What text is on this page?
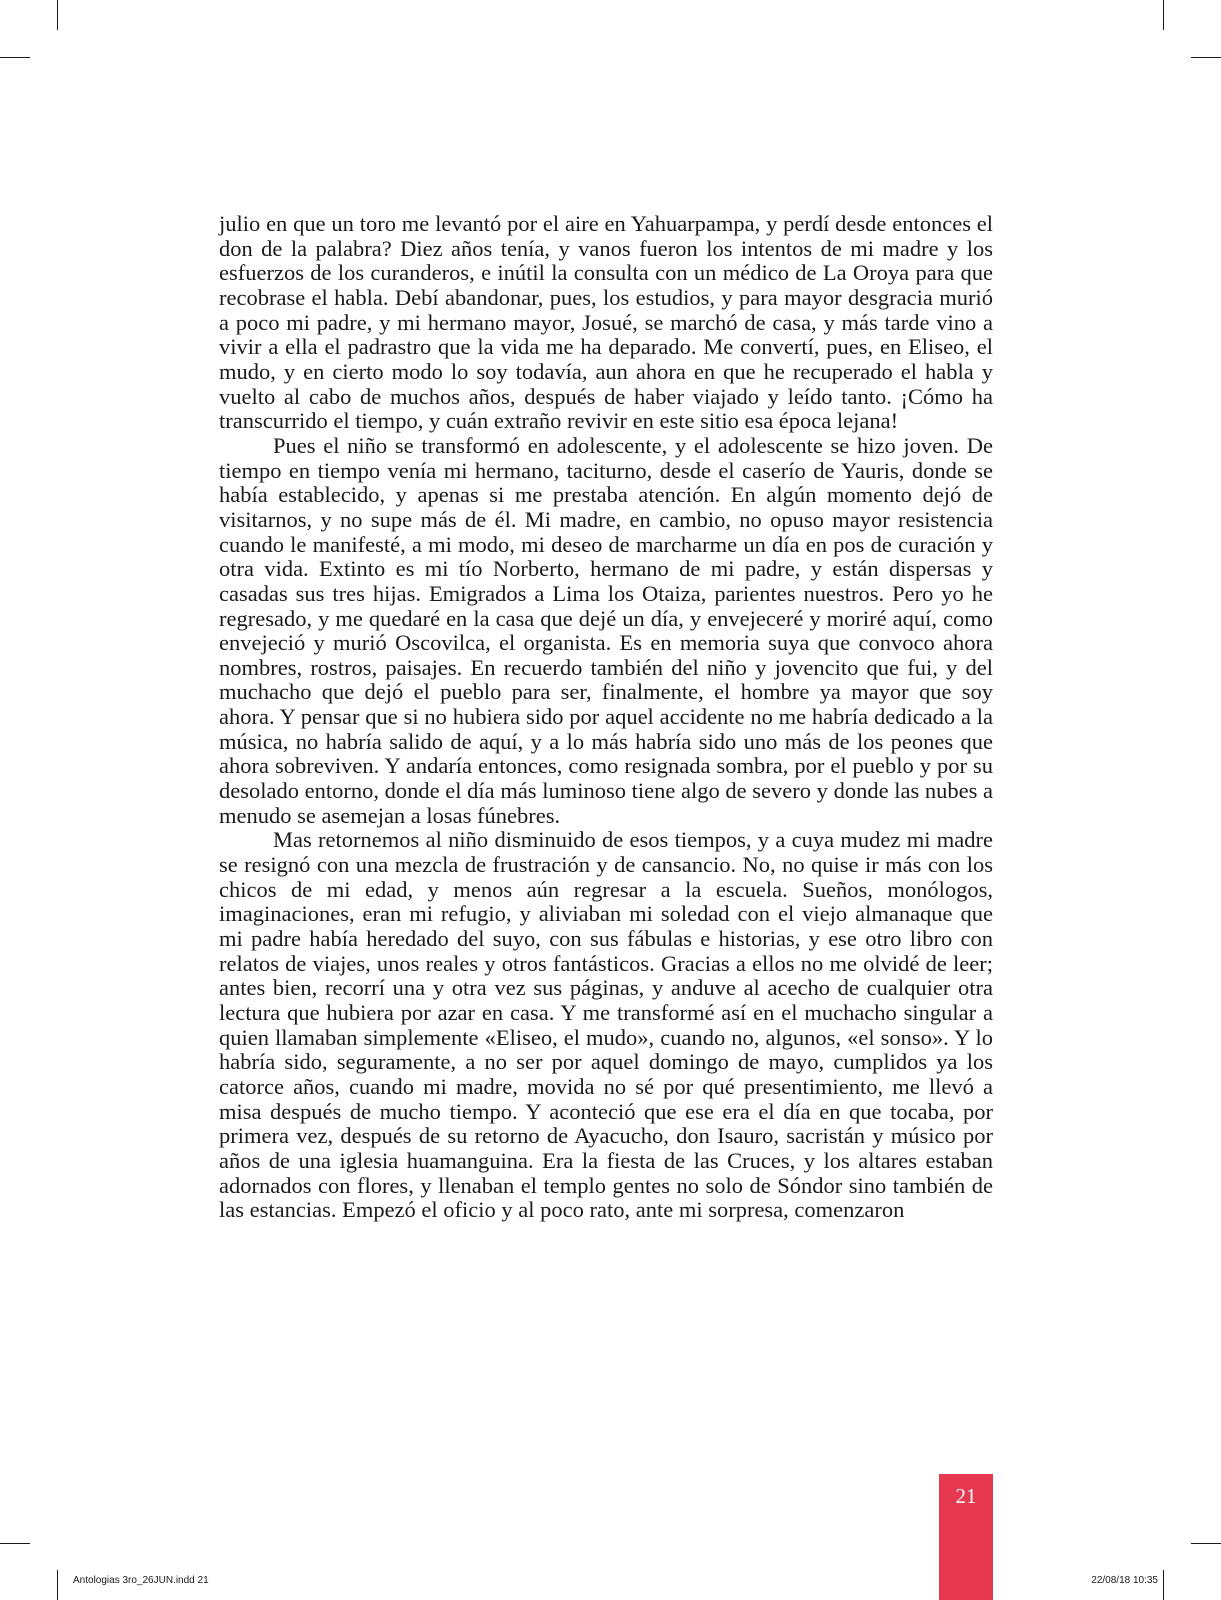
julio en que un toro me levantó por el aire en Yahuarpampa, y perdí desde entonces el don de la palabra? Diez años tenía, y vanos fueron los intentos de mi madre y los esfuerzos de los curanderos, e inútil la consulta con un médico de La Oroya para que recobrase el habla. Debí abandonar, pues, los estudios, y para mayor desgracia murió a poco mi padre, y mi hermano mayor, Josué, se marchó de casa, y más tarde vino a vivir a ella el padrastro que la vida me ha deparado. Me convertí, pues, en Eliseo, el mudo, y en cierto modo lo soy todavía, aun ahora en que he recuperado el habla y vuelto al cabo de muchos años, después de haber viajado y leído tanto. ¡Cómo ha transcurrido el tiempo, y cuán extraño revivir en este sitio esa época lejana!

Pues el niño se transformó en adolescente, y el adolescente se hizo joven. De tiempo en tiempo venía mi hermano, taciturno, desde el caserío de Yauris, donde se había establecido, y apenas si me prestaba atención. En algún momento dejó de visitarnos, y no supe más de él. Mi madre, en cambio, no opuso mayor resistencia cuando le manifesté, a mi modo, mi deseo de marcharme un día en pos de curación y otra vida. Extinto es mi tío Norberto, hermano de mi padre, y están dispersas y casadas sus tres hijas. Emigrados a Lima los Otaiza, parientes nuestros. Pero yo he regresado, y me quedaré en la casa que dejé un día, y envejeceré y moriré aquí, como envejeció y murió Oscovilca, el organista. Es en memoria suya que convoco ahora nombres, rostros, paisajes. En recuerdo también del niño y jovencito que fui, y del muchacho que dejó el pueblo para ser, finalmente, el hombre ya mayor que soy ahora. Y pensar que si no hubiera sido por aquel accidente no me habría dedicado a la música, no habría salido de aquí, y a lo más habría sido uno más de los peones que ahora sobreviven. Y andaría entonces, como resignada sombra, por el pueblo y por su desolado entorno, donde el día más luminoso tiene algo de severo y donde las nubes a menudo se asemejan a losas fúnebres.

Mas retornemos al niño disminuido de esos tiempos, y a cuya mudez mi madre se resignó con una mezcla de frustración y de cansancio. No, no quise ir más con los chicos de mi edad, y menos aún regresar a la escuela. Sueños, monólogos, imaginaciones, eran mi refugio, y aliviaban mi soledad con el viejo almanaque que mi padre había heredado del suyo, con sus fábulas e historias, y ese otro libro con relatos de viajes, unos reales y otros fantásticos. Gracias a ellos no me olvidé de leer; antes bien, recorrí una y otra vez sus páginas, y anduve al acecho de cualquier otra lectura que hubiera por azar en casa. Y me transformé así en el muchacho singular a quien llamaban simplemente «Eliseo, el mudo», cuando no, algunos, «el sonso». Y lo habría sido, seguramente, a no ser por aquel domingo de mayo, cumplidos ya los catorce años, cuando mi madre, movida no sé por qué presentimiento, me llevó a misa después de mucho tiempo. Y aconteció que ese era el día en que tocaba, por primera vez, después de su retorno de Ayacucho, don Isauro, sacristán y músico por años de una iglesia huamanguina. Era la fiesta de las Cruces, y los altares estaban adornados con flores, y llenaban el templo gentes no solo de Sóndor sino también de las estancias. Empezó el oficio y al poco rato, ante mi sorpresa, comenzaron

21
Antologias 3ro_26JUN.indd 21	22/08/18 10:35
